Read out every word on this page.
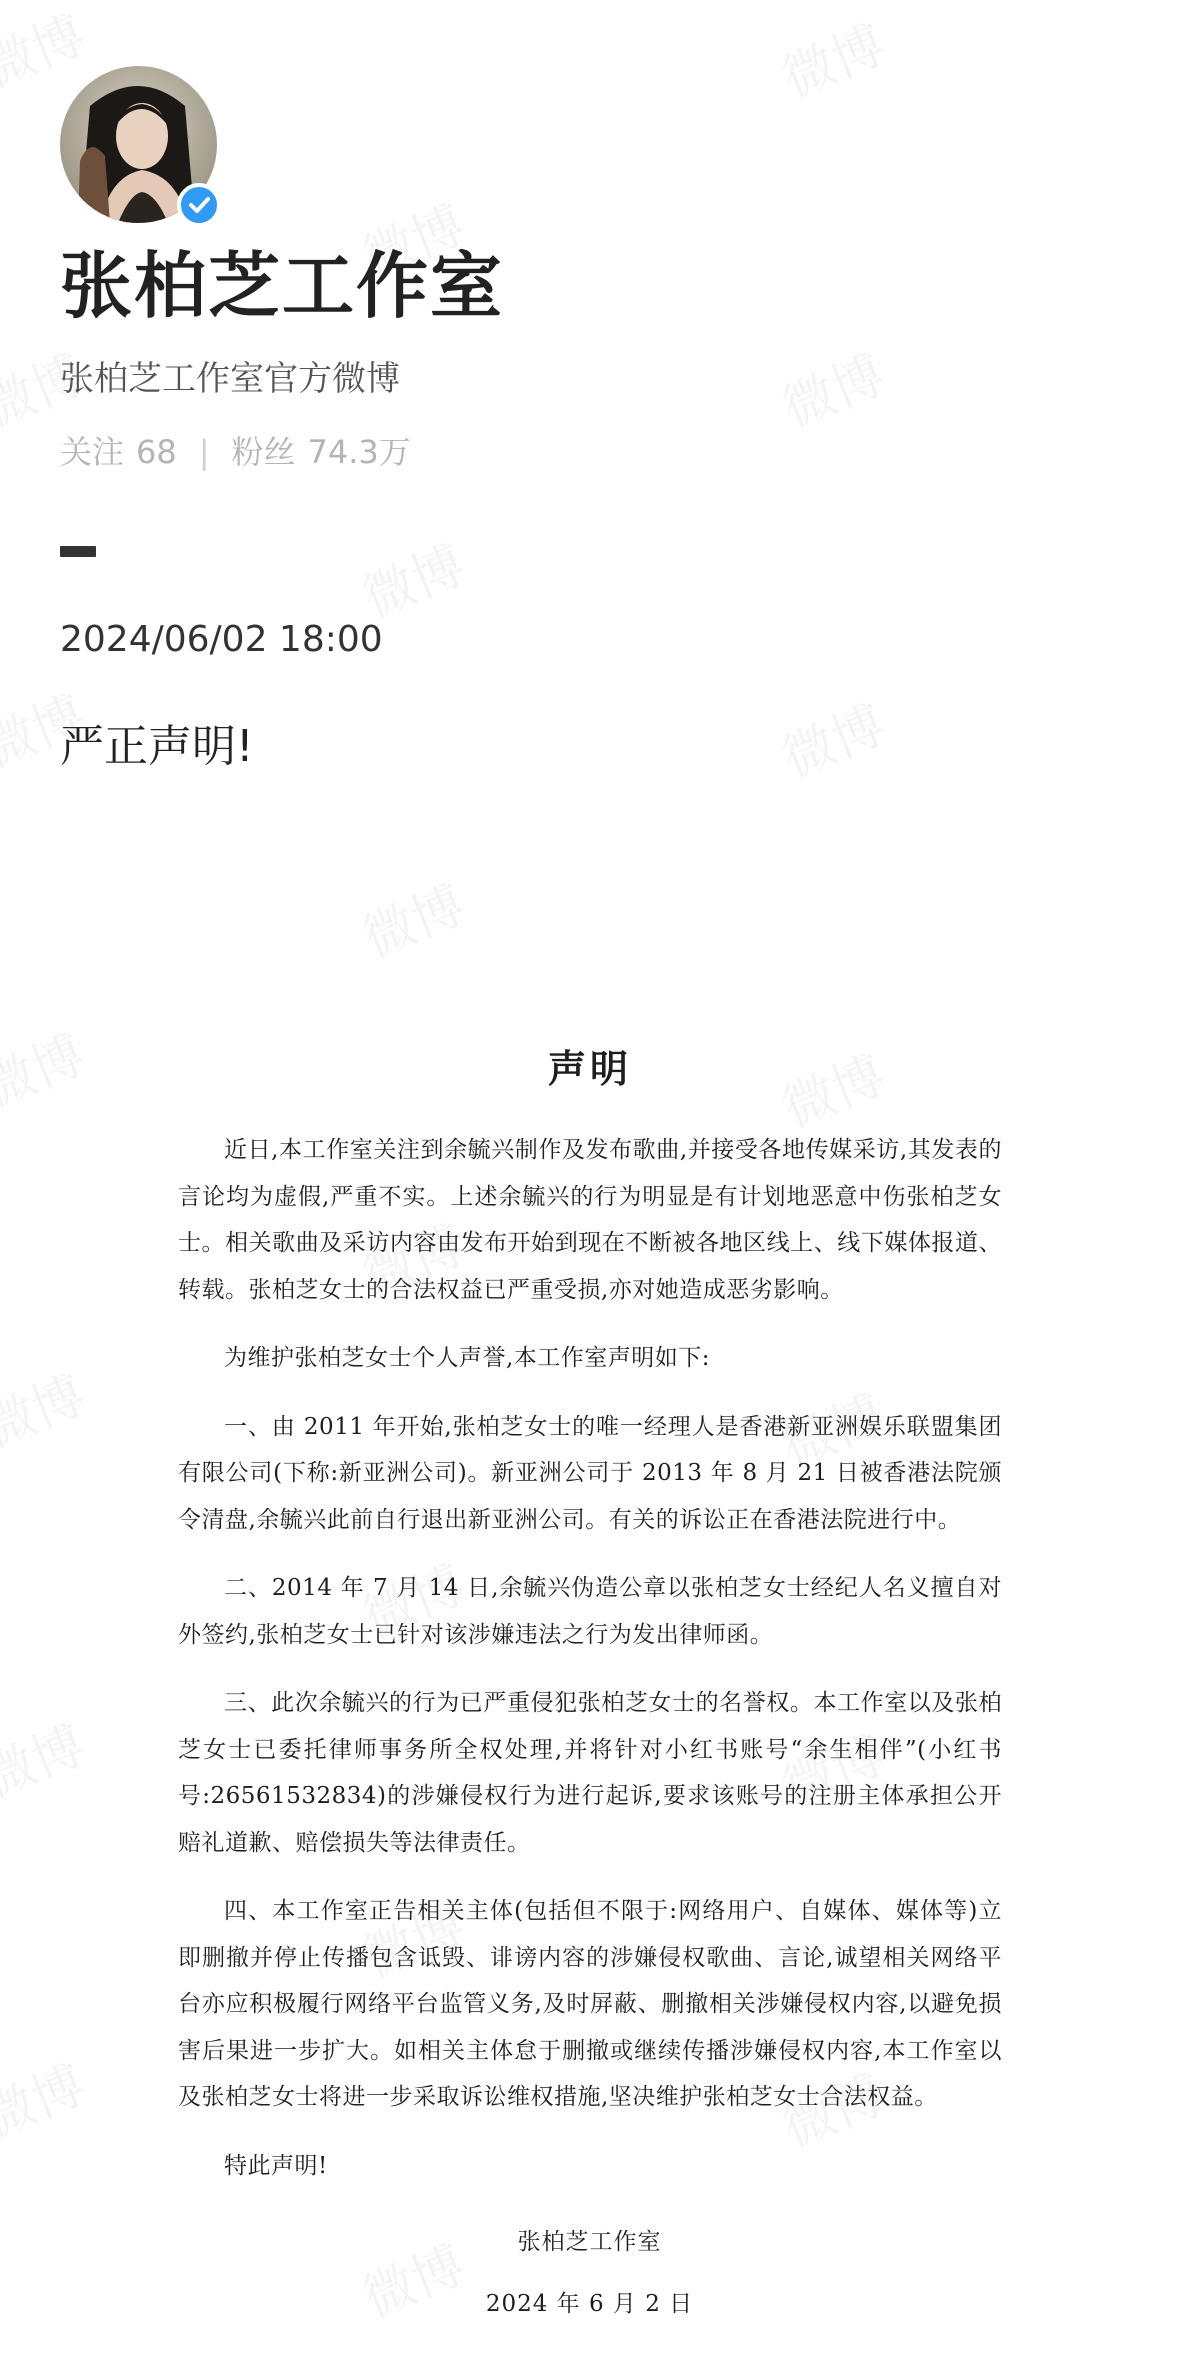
张柏芝工作室
张柏芝工作室官方微博
关注 68 | 粉丝 74.3万
2024/06/02 18:00
严正声明!
声明

近日,本工作室关注到余毓兴制作及发布歌曲,并接受各地传媒采访,其发表的言论均为虚假,严重不实。上述余毓兴的行为明显是有计划地恶意中伤张柏芝女士。相关歌曲及采访内容由发布开始到现在不断被各地区线上、线下媒体报道、转载。张柏芝女士的合法权益已严重受损,亦对她造成恶劣影响。

为维护张柏芝女士个人声誉,本工作室声明如下:

一、由 2011 年开始,张柏芝女士的唯一经理人是香港新亚洲娱乐联盟集团有限公司(下称:新亚洲公司)。新亚洲公司于 2013 年 8 月 21 日被香港法院颁令清盘,余毓兴此前自行退出新亚洲公司。有关的诉讼正在香港法院进行中。

二、2014 年 7 月 14 日,余毓兴伪造公章以张柏芝女士经纪人名义擅自对外签约,张柏芝女士已针对该涉嫌违法之行为发出律师函。

三、此次余毓兴的行为已严重侵犯张柏芝女士的名誉权。本工作室以及张柏芝女士已委托律师事务所全权处理,并将针对小红书账号“余生相伴”(小红书号:26561532834)的涉嫌侵权行为进行起诉,要求该账号的注册主体承担公开赔礼道歉、赔偿损失等法律责任。

四、本工作室正告相关主体(包括但不限于:网络用户、自媒体、媒体等)立即删撤并停止传播包含诋毁、诽谤内容的涉嫌侵权歌曲、言论,诚望相关网络平台亦应积极履行网络平台监管义务,及时屏蔽、删撤相关涉嫌侵权内容,以避免损害后果进一步扩大。如相关主体怠于删撤或继续传播涉嫌侵权内容,本工作室以及张柏芝女士将进一步采取诉讼维权措施,坚决维护张柏芝女士合法权益。

特此声明!

张柏芝工作室
2024 年 6 月 2 日
